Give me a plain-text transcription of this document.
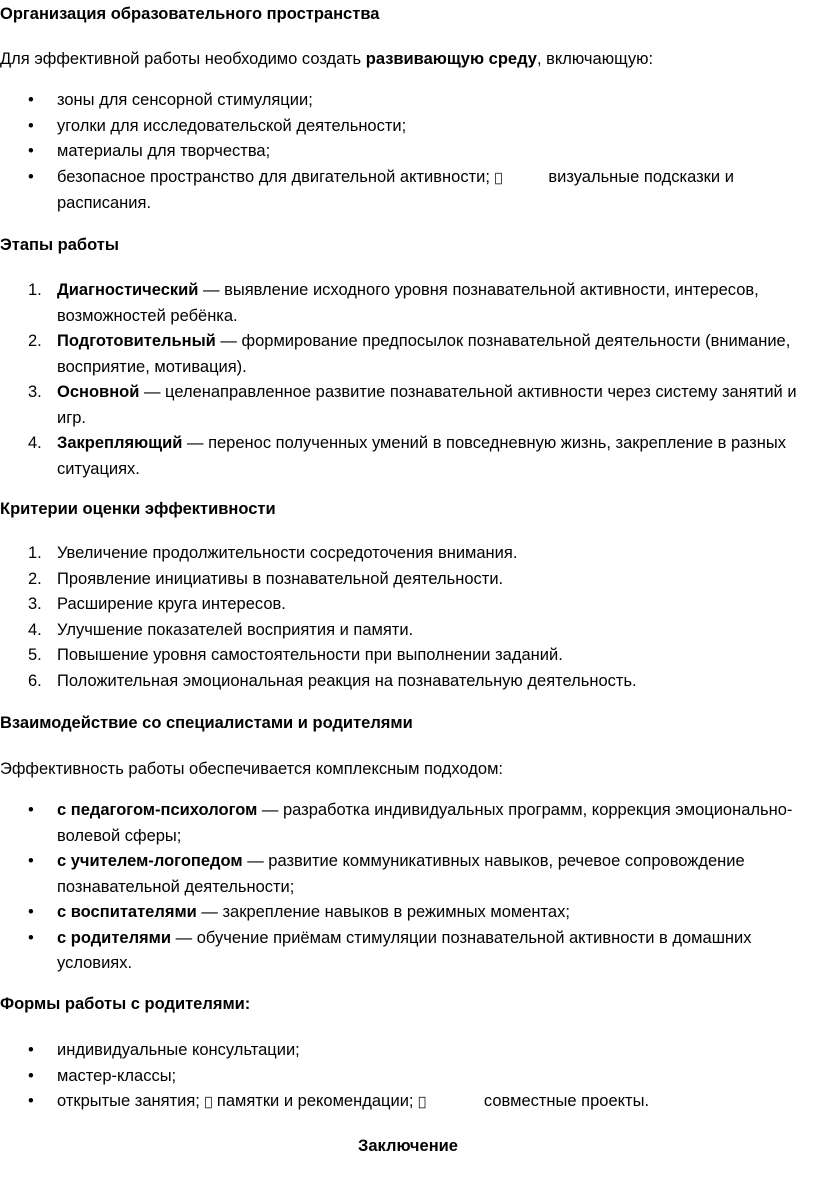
Организация образовательного пространства

Для эффективной работы необходимо создать развивающую среду, включающую:

• зоны для сенсорной стимуляции;
• уголки для исследовательской деятельности;
• материалы для творчества;
• безопасное пространство для двигательной активности;	визуальные подсказки и
расписания.
Этапы работы
1. Диагностический — выявление исходного уровня познавательной активности, интересов, возможностей ребёнка.
2. Подготовительный — формирование предпосылок познавательной деятельности (внимание, восприятие, мотивация).
3. Основной — целенаправленное развитие познавательной активности через систему занятий и игр.
4. Закрепляющий — перенос полученных умений в повседневную жизнь, закрепление в разных ситуациях.
Критерии оценки эффективности
1. Увеличение продолжительности сосредоточения внимания.
2. Проявление инициативы в познавательной деятельности.
3. Расширение круга интересов.
4. Улучшение показателей восприятия и памяти.
5. Повышение уровня самостоятельности при выполнении заданий.
6. Положительная эмоциональная реакция на познавательную деятельность.
Взаимодействие со специалистами и родителями

Эффективность работы обеспечивается комплексным подходом:

• с педагогом-психологом — разработка индивидуальных программ, коррекция эмоционально-волевой сферы;
• с учителем-логопедом — развитие коммуникативных навыков, речевое сопровождение познавательной деятельности;
• с воспитателями — закрепление навыков в режимных моментах;
• с родителями — обучение приёмам стимуляции познавательной активности в домашних условиях.
Формы работы с родителями:
• индивидуальные консультации;
• мастер-классы;
• открытые занятия; памятки и рекомендации;	совместные проекты.
Заключение
